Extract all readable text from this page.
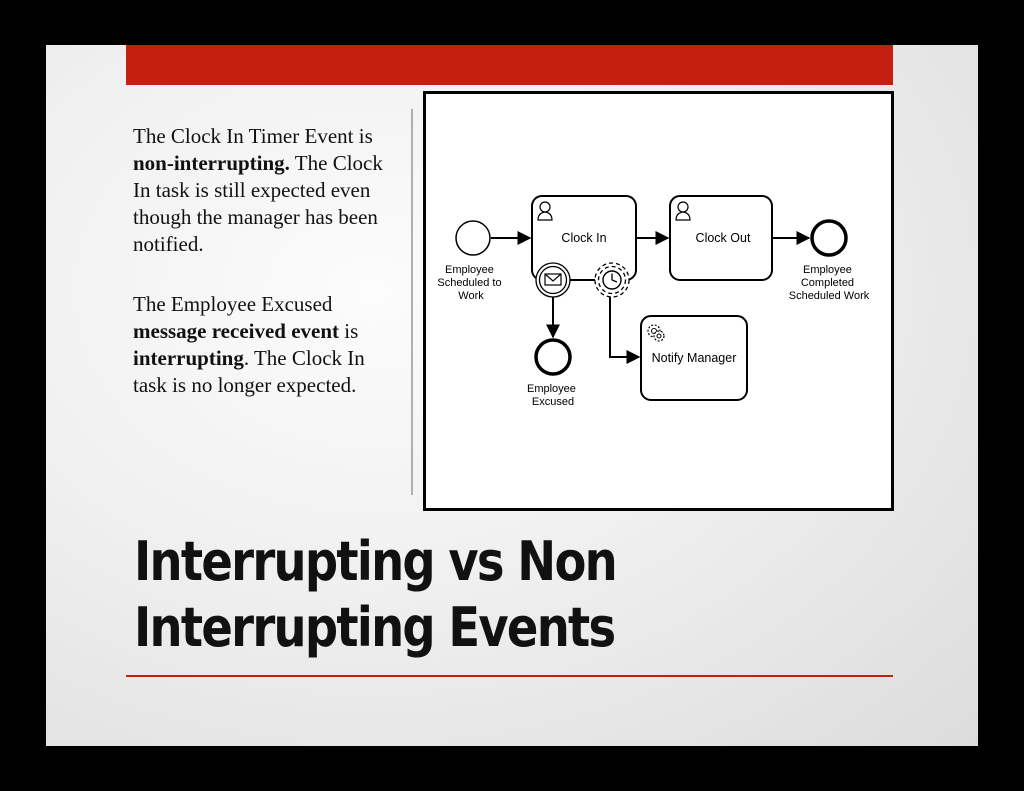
The Clock In Timer Event is non-interrupting. The Clock In task is still expected even though the manager has been notified.

The Employee Excused message received event is interrupting. The Clock In task is no longer expected.

Employee Scheduled to Work
Clock In	Clock Out
Employee Completed Scheduled Work
Employee Excused
Notify Manager
Interrupting vs Non
Interrupting Events
